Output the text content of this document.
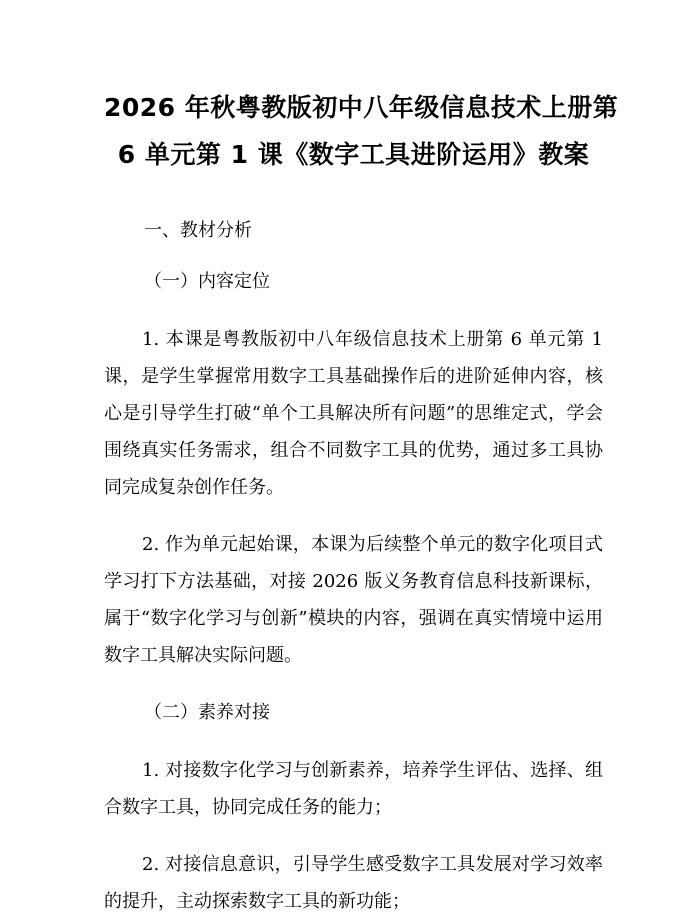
2026 年秋粤教版初中八年级信息技术上册第
6 单元第 1 课《数字工具进阶运用》教案

一、教材分析

（一）内容定位

1. 本课是粤教版初中八年级信息技术上册第 6 单元第 1 课，是学生掌握常用数字工具基础操作后的进阶延伸内容，核心是引导学生打破“单个工具解决所有问题”的思维定式，学会围绕真实任务需求，组合不同数字工具的优势，通过多工具协同完成复杂创作任务。

2. 作为单元起始课，本课为后续整个单元的数字化项目式学习打下方法基础，对接 2026 版义务教育信息科技新课标，属于“数字化学习与创新”模块的内容，强调在真实情境中运用数字工具解决实际问题。

（二）素养对接

1. 对接数字化学习与创新素养，培养学生评估、选择、组合数字工具，协同完成任务的能力；

2. 对接信息意识，引导学生感受数字工具发展对学习效率的提升，主动探索数字工具的新功能；
